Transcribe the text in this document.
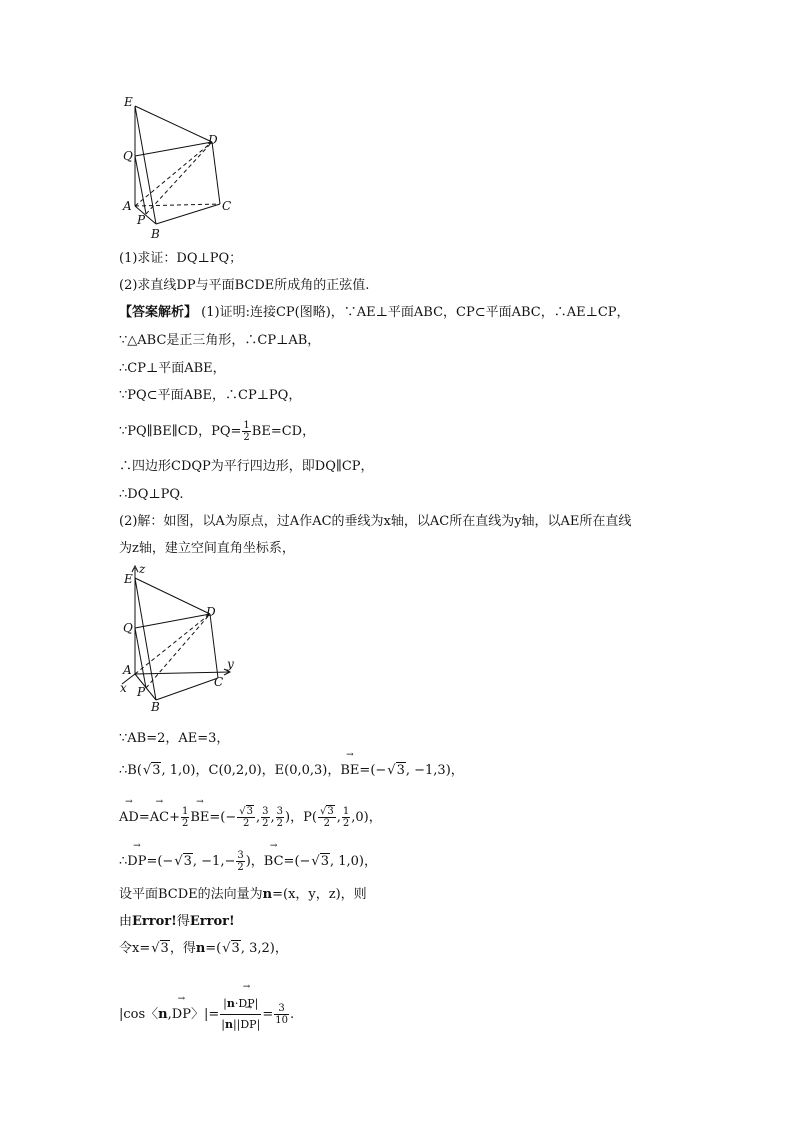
E
Q
A
P
B
D
C
(1)求证：DQ⊥PQ；
(2)求直线DP与平面BCDE所成角的正弦值.
【答案解析】 (1)证明:连接CP(图略)，∵AE⊥平面ABC，CP⊂平面ABC，∴AE⊥CP，
∵△ABC是正三角形，∴CP⊥AB，
∴CP⊥平面ABE，
∵PQ⊂平面ABE，∴CP⊥PQ，
∵PQ∥BE∥CD，$PQ= \frac{1}{2} BE=CD$，
∴四边形CDQP为平行四边形，即DQ∥CP，
∴DQ⊥PQ.
(2)解：如图，以A为原点，过A作AC的垂线为x轴，以AC所在直线为y轴，以AE所在直线
为z轴，建立空间直角坐标系，
E
z
Q
A
x P
B
D
C
y
∵AB=2，AE=3，
∴B(√3, 1,0)，C(0,2,0)，E(0,0,3)，→ BE=(−√3, −1,3)，
→ $AD=\to AC+ \frac{1}{2}$
→ $BE=(- \frac{√3}{2}$ , $\frac{3}{2}$ , $\frac{3}{2}$ )，$P( \frac{√3}{2}$ , $\frac{1}{2} ,0$)，
∴→ DP=(−√3, $-1,- \frac{3}{2}$ )，→ BC=(−√3, 1,0)，
设平面BCDE的法向量为n=(x，y，z)，则
由Error!得Error!
令x=√3，得n=(√3, 3,2)，
|cos〈n,→ DP〉|= $\frac{|n\cdot\to DP|}{|n||\to DP|} = \frac{3}{10}$ .
